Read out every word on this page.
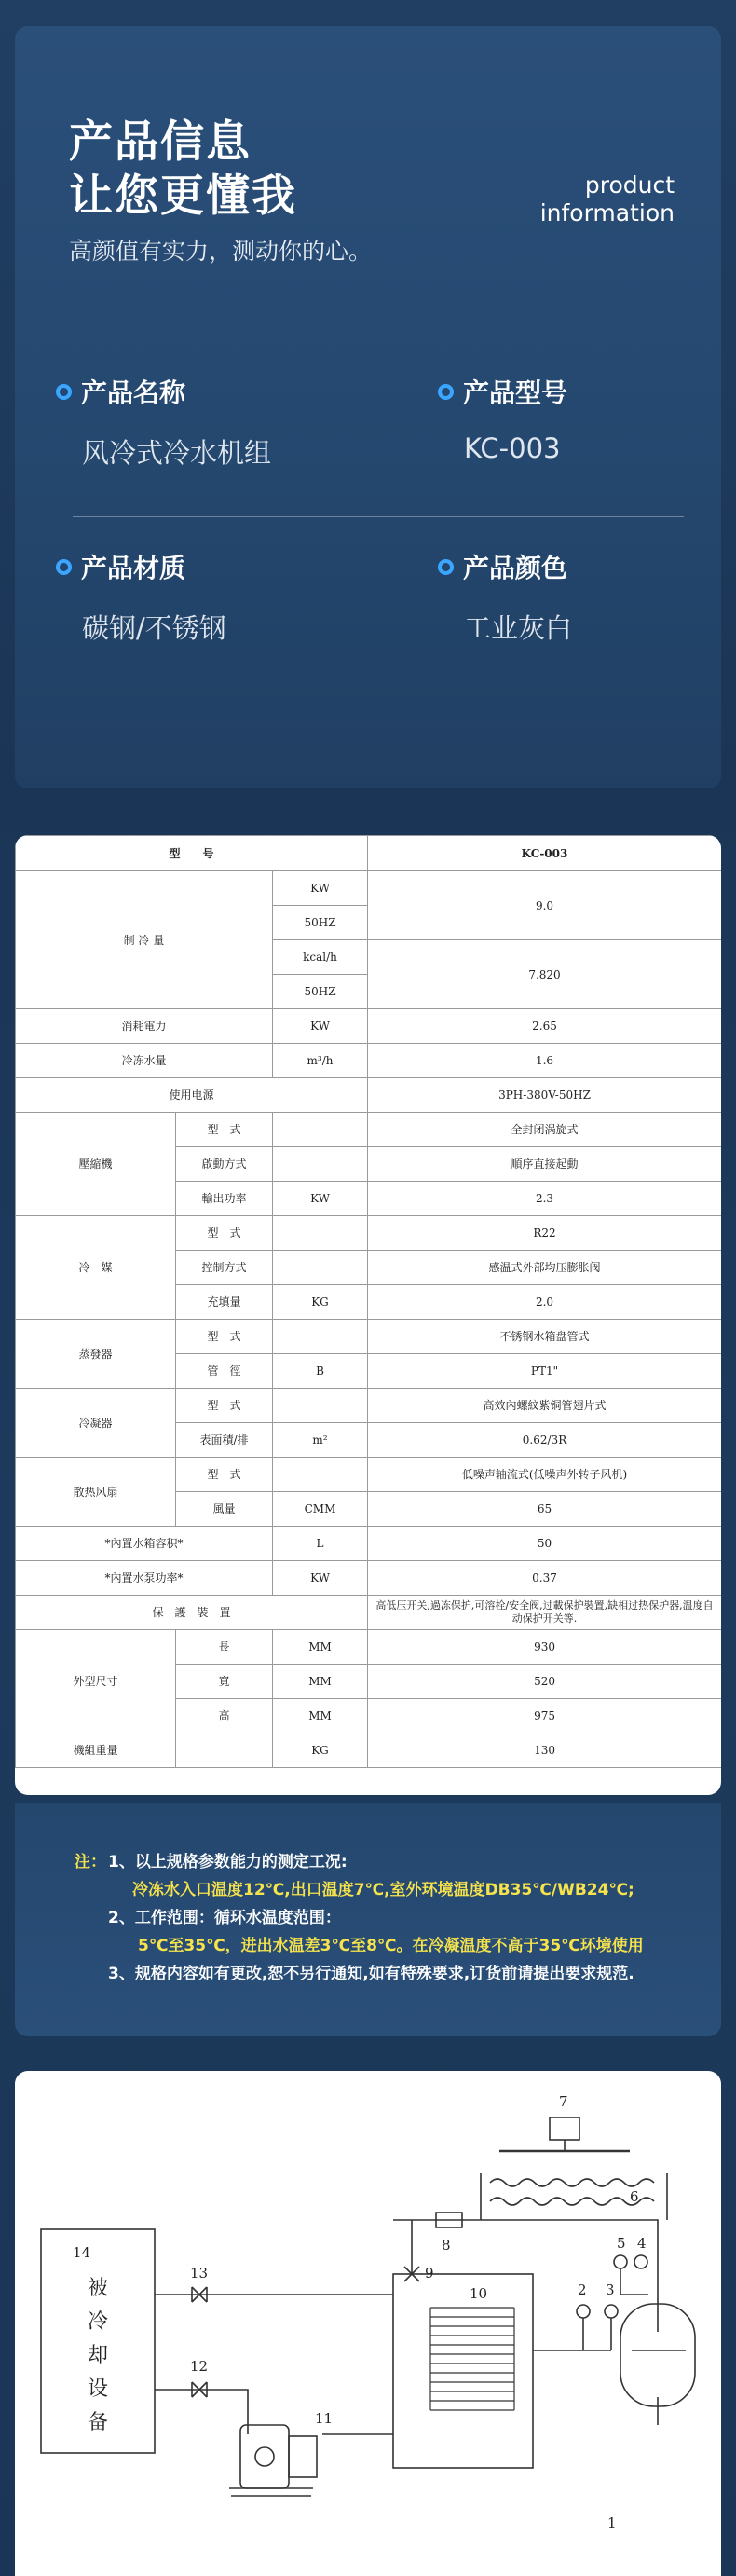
产品信息
让您更懂我
高颜值有实力，测动你的心。
product
information
产品名称
风冷式冷水机组
产品型号
KC-003
产品材质
碳钢/不锈钢
产品颜色
工业灰白
型　　号			KC-003
制 冷 量		KW	9.0
		50HZ	
		kcal/h	7.820
		50HZ	
消耗電力		KW	2.65
冷冻水量		m³/h	1.6
使用电源			3PH-380V-50HZ
壓縮機	型　式		全封闭涡旋式
	啟動方式		順序直接起動
	輸出功率	KW	2.3
冷　媒	型　式		R22
	控制方式		感温式外部均压膨胀阀
	充填量	KG	2.0
蒸發器	型　式		不锈钢水箱盘管式
	管　徑	B	PT1"
冷凝器	型　式		高效內螺紋紫铜管翅片式
	表面積/排	m²	0.62/3R
散热风扇	型　式		低噪声轴流式(低噪声外转子风机)
	風量	CMM	65
*內置水箱容积*		L	50
*內置水泵功率*		KW	0.37
保　護　裝　置			高低压开关,過冻保护,可溶栓/安全阀,过載保护裝置,缺相过热保护器,温度自动保护开关等.
外型尺寸	長	MM	930
	寬	MM	520
	高	MM	975
機組重量		KG	130
注： 1、以上规格参数能力的测定工况:
冷冻水入口温度12℃,出口温度7℃,室外环境温度DB35℃/WB24℃;
2、工作范围：循环水温度范围：
5℃至35℃，进出水温差3℃至8℃。在冷凝温度不高于35℃环境使用
3、规格内容如有更改,恕不另行通知,如有特殊要求,订货前请提出要求规范.
14
1
2 3
4
5
6
7
8
9
10
11
12
13
被
冷
却
设
备
